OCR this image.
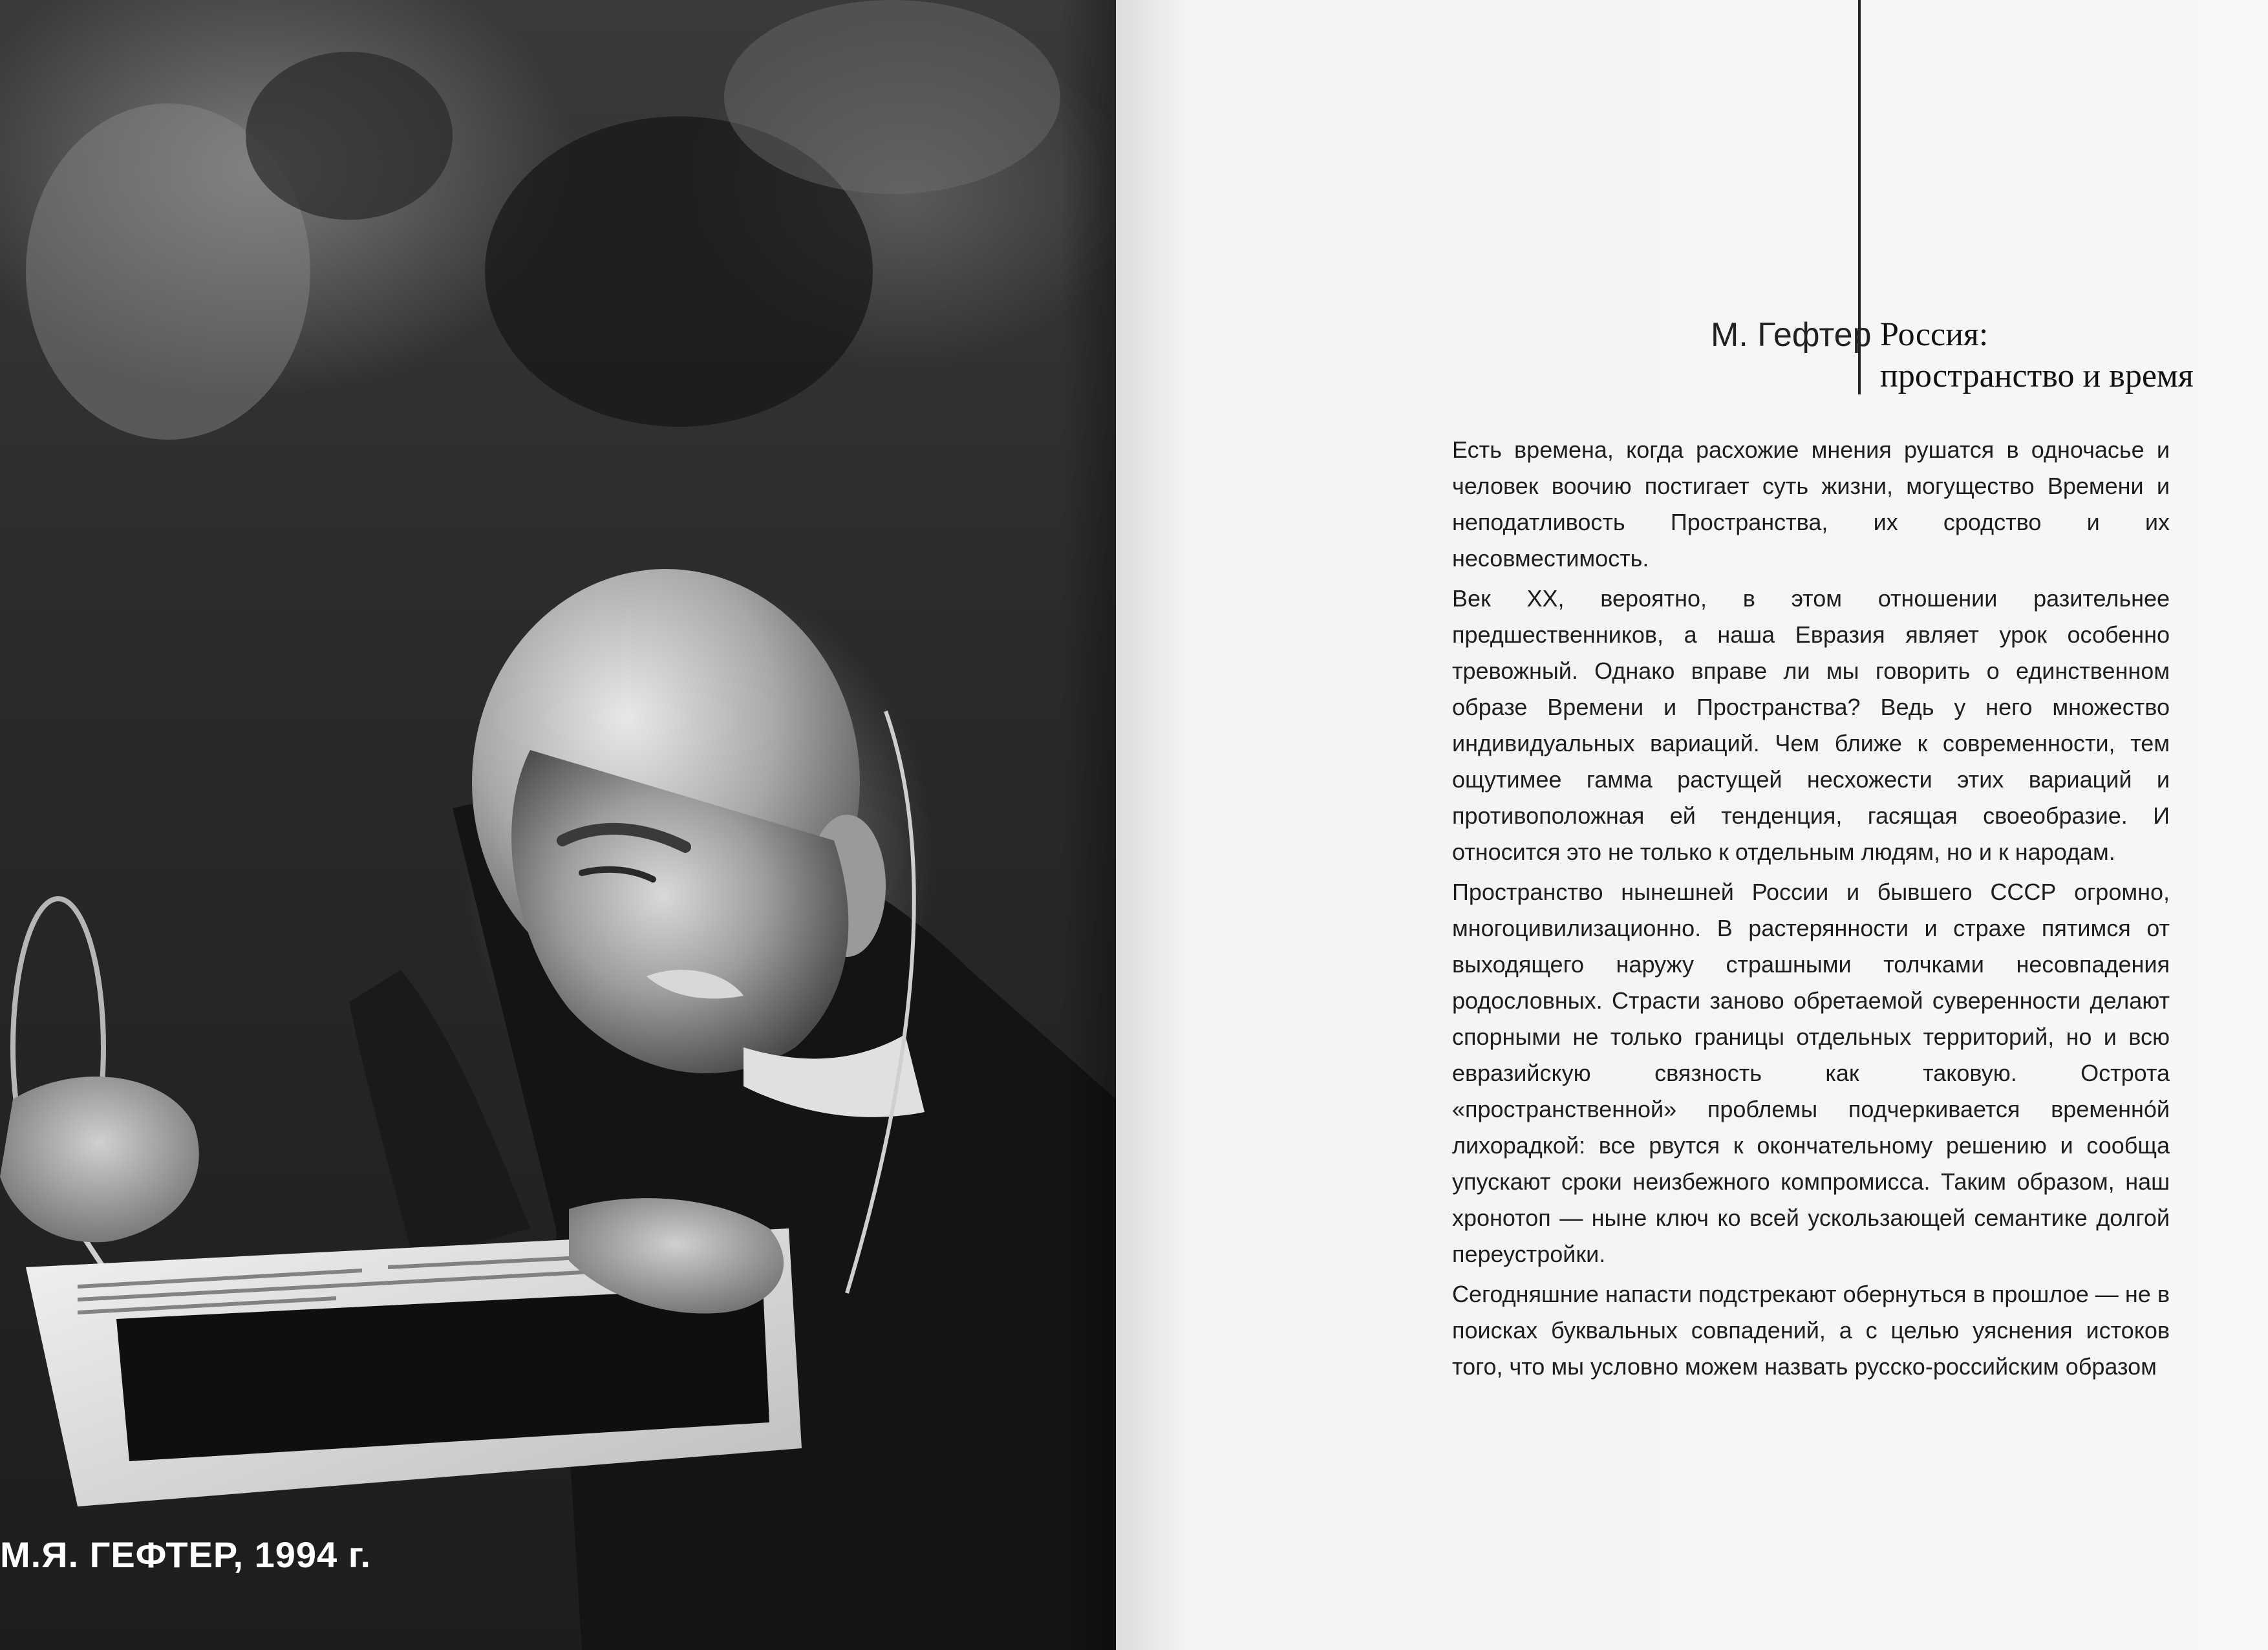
М.Я. ГЕФТЕР, 1994 г.
М. Гефтер Россия:
пространство и время

Есть времена, когда расхожие мнения рушатся в одночасье и человек воочию постигает суть жизни, могущество Времени и неподатливость Пространства, их сродство и их несовместимость.

Век XX, вероятно, в этом отношении разительнее предшественников, а наша Евразия являет урок особенно тревожный. Однако вправе ли мы говорить о единственном образе Времени и Пространства? Ведь у него множество индивидуальных вариаций. Чем ближе к современности, тем ощутимее гамма растущей несхожести этих вариаций и противоположная ей тенденция, гасящая своеобразие. И относится это не только к отдельным людям, но и к народам.

Пространство нынешней России и бывшего СССР огромно, многоцивилизационно. В растерянности и страхе пятимся от выходящего наружу страшными толчками несовпадения родословных. Страсти заново обретаемой суверенности делают спорными не только границы отдельных территорий, но и всю евразийскую связность как таковую. Острота «пространственной» проблемы подчеркивается временно́й лихорадкой: все рвутся к окончательному решению и сообща упускают сроки неизбежного компромисса. Таким образом, наш хронотоп — ныне ключ ко всей ускользающей семантике долгой переустройки.

Сегодняшние напасти подстрекают обернуться в прошлое — не в поисках буквальных совпадений, а с целью уяснения истоков того, что мы условно можем назвать русско-российским образом
